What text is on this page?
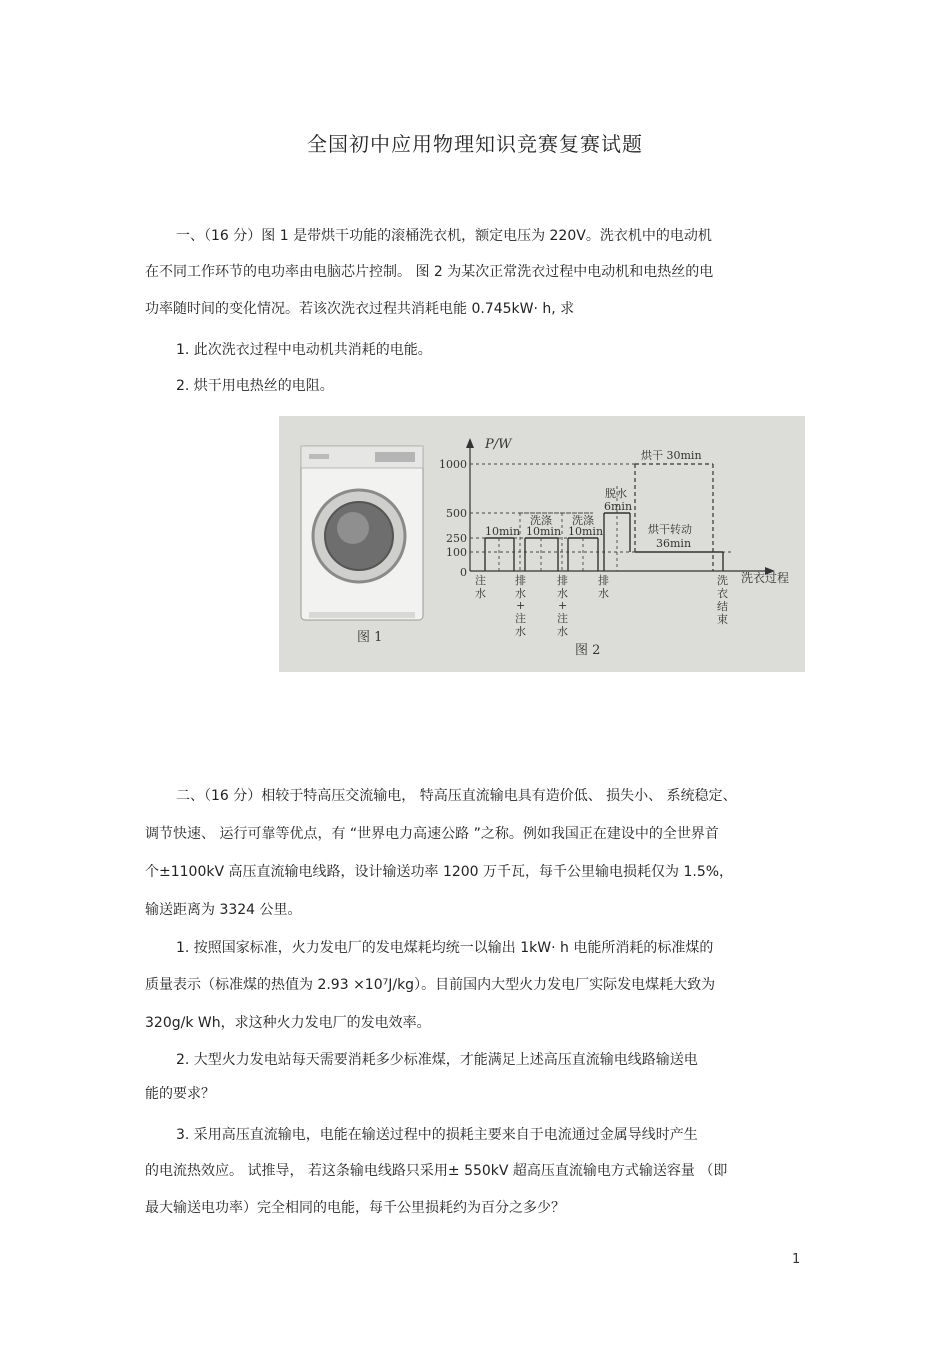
全国初中应用物理知识竞赛复赛试题
一、（16 分）图 1 是带烘干功能的滚桶洗衣机，额定电压为 220V。洗衣机中的电动机
在不同工作环节的电功率由电脑芯片控制。 图 2 为某次正常洗衣过程中电动机和电热丝的电
功率随时间的变化情况。若该次洗衣过程共消耗电能 0.745kW· h, 求
1. 此次洗衣过程中电动机共消耗的电能。
2. 烘干用电热丝的电阻。
图 1
P/W
洗衣过程
1000
500
250
100
0
10min
洗涤
10min
洗涤
10min
脱水
6min
烘干 30min
烘干转动
36min
注
水
排
水
+
注
水
排
水
+
注
水
排
水
洗
衣
结
束
图 2
二、（16 分）相较于特高压交流输电， 特高压直流输电具有造价低、 损失小、 系统稳定、
调节快速、 运行可靠等优点，有 “世界电力高速公路 ”之称。例如我国正在建设中的全世界首
个±1100kV 高压直流输电线路，设计输送功率 1200 万千瓦，每千公里输电损耗仅为 1.5%，
输送距离为 3324 公里。
1. 按照国家标准，火力发电厂的发电煤耗均统一以输出 1kW· h 电能所消耗的标准煤的
质量表示（标准煤的热值为 2.93 ×10⁷J/kg）。目前国内大型火力发电厂实际发电煤耗大致为
320g/k Wh，求这种火力发电厂的发电效率。
2. 大型火力发电站每天需要消耗多少标准煤，才能满足上述高压直流输电线路输送电
能的要求？
3. 采用高压直流输电，电能在输送过程中的损耗主要来自于电流通过金属导线时产生
的电流热效应。 试推导， 若这条输电线路只采用± 550kV 超高压直流输电方式输送容量 （即
最大输送电功率）完全相同的电能，每千公里损耗约为百分之多少？
1
